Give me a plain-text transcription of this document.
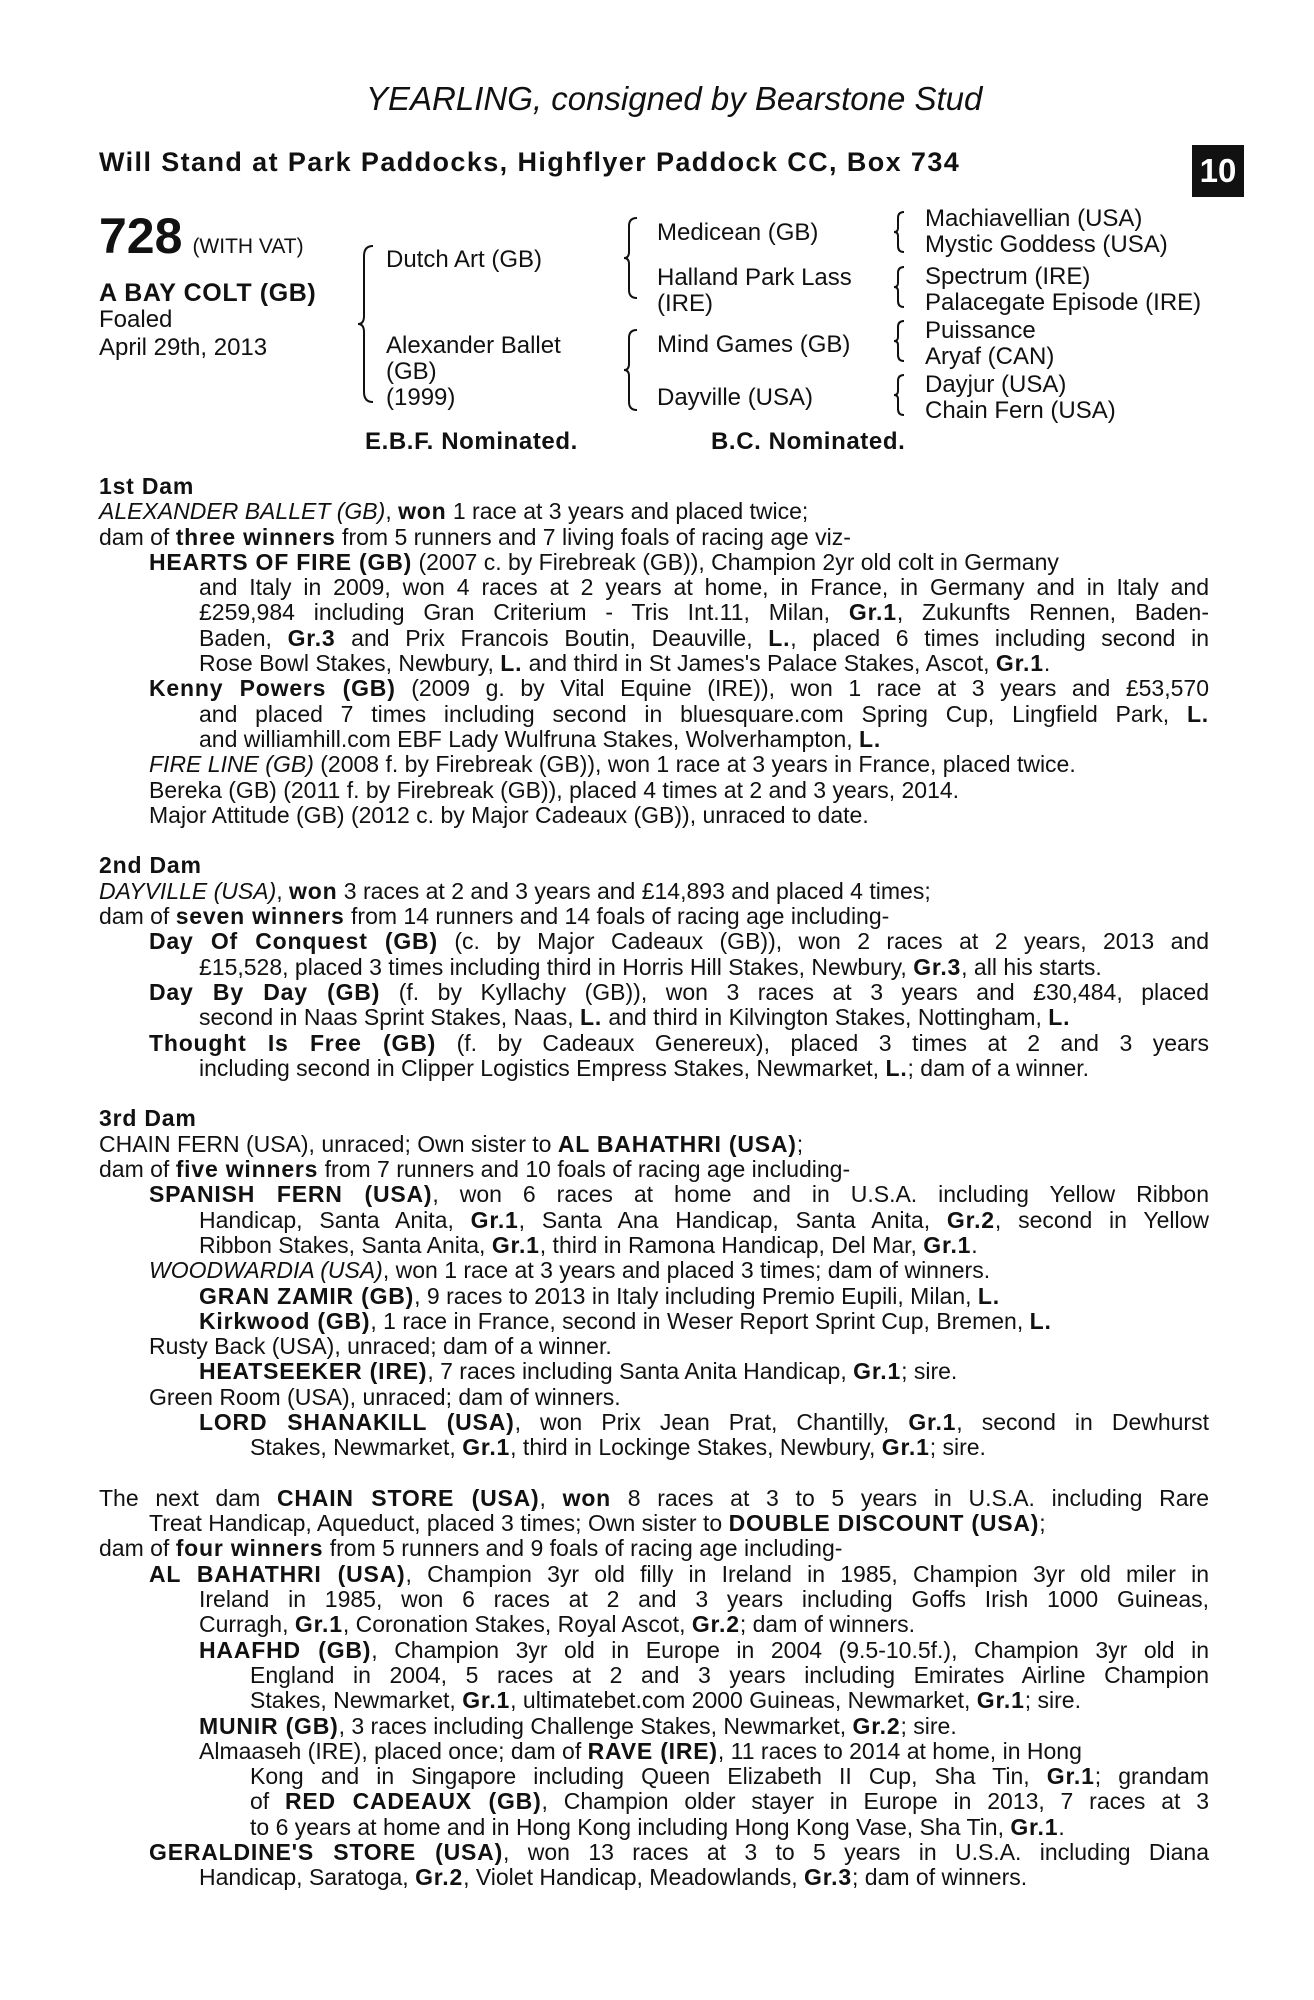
YEARLING, consigned by Bearstone Stud
Will Stand at Park Paddocks, Highflyer Paddock CC, Box 734	10
728 (WITH VAT)
A BAY COLT (GB)
Foaled
April 29th, 2013
Dutch Art (GB)
Alexander Ballet
(GB)
(1999)
Medicean (GB)
Halland Park Lass
(IRE)
Mind Games (GB)
Dayville (USA)
Machiavellian (USA)
Mystic Goddess (USA)
Spectrum (IRE)
Palacegate Episode (IRE)
Puissance
Aryaf (CAN)
Dayjur (USA)
Chain Fern (USA)
E.B.F. Nominated.	B.C. Nominated.
1st Dam
ALEXANDER BALLET (GB), won 1 race at 3 years and placed twice;
dam of three winners from 5 runners and 7 living foals of racing age viz-
HEARTS OF FIRE (GB) (2007 c. by Firebreak (GB)), Champion 2yr old colt in Germany
and Italy in 2009, won 4 races at 2 years at home, in France, in Germany and in Italy and
£259,984 including Gran Criterium - Tris Int.11, Milan, Gr.1, Zukunfts Rennen, Baden-
Baden, Gr.3 and Prix Francois Boutin, Deauville, L., placed 6 times including second in
Rose Bowl Stakes, Newbury, L. and third in St James's Palace Stakes, Ascot, Gr.1.
Kenny Powers (GB) (2009 g. by Vital Equine (IRE)), won 1 race at 3 years and £53,570
and placed 7 times including second in bluesquare.com Spring Cup, Lingfield Park, L.
and williamhill.com EBF Lady Wulfruna Stakes, Wolverhampton, L.
FIRE LINE (GB) (2008 f. by Firebreak (GB)), won 1 race at 3 years in France, placed twice.
Bereka (GB) (2011 f. by Firebreak (GB)), placed 4 times at 2 and 3 years, 2014.
Major Attitude (GB) (2012 c. by Major Cadeaux (GB)), unraced to date.
2nd Dam
DAYVILLE (USA), won 3 races at 2 and 3 years and £14,893 and placed 4 times;
dam of seven winners from 14 runners and 14 foals of racing age including-
Day Of Conquest (GB) (c. by Major Cadeaux (GB)), won 2 races at 2 years, 2013 and
£15,528, placed 3 times including third in Horris Hill Stakes, Newbury, Gr.3, all his starts.
Day By Day (GB) (f. by Kyllachy (GB)), won 3 races at 3 years and £30,484, placed
second in Naas Sprint Stakes, Naas, L. and third in Kilvington Stakes, Nottingham, L.
Thought Is Free (GB) (f. by Cadeaux Genereux), placed 3 times at 2 and 3 years
including second in Clipper Logistics Empress Stakes, Newmarket, L.; dam of a winner.
3rd Dam
CHAIN FERN (USA), unraced; Own sister to AL BAHATHRI (USA);
dam of five winners from 7 runners and 10 foals of racing age including-
SPANISH FERN (USA), won 6 races at home and in U.S.A. including Yellow Ribbon
Handicap, Santa Anita, Gr.1, Santa Ana Handicap, Santa Anita, Gr.2, second in Yellow
Ribbon Stakes, Santa Anita, Gr.1, third in Ramona Handicap, Del Mar, Gr.1.
WOODWARDIA (USA), won 1 race at 3 years and placed 3 times; dam of winners.
GRAN ZAMIR (GB), 9 races to 2013 in Italy including Premio Eupili, Milan, L.
Kirkwood (GB), 1 race in France, second in Weser Report Sprint Cup, Bremen, L.
Rusty Back (USA), unraced; dam of a winner.
HEATSEEKER (IRE), 7 races including Santa Anita Handicap, Gr.1; sire.
Green Room (USA), unraced; dam of winners.
LORD SHANAKILL (USA), won Prix Jean Prat, Chantilly, Gr.1, second in Dewhurst
Stakes, Newmarket, Gr.1, third in Lockinge Stakes, Newbury, Gr.1; sire.
The next dam CHAIN STORE (USA), won 8 races at 3 to 5 years in U.S.A. including Rare
Treat Handicap, Aqueduct, placed 3 times; Own sister to DOUBLE DISCOUNT (USA);
dam of four winners from 5 runners and 9 foals of racing age including-
AL BAHATHRI (USA), Champion 3yr old filly in Ireland in 1985, Champion 3yr old miler in
Ireland in 1985, won 6 races at 2 and 3 years including Goffs Irish 1000 Guineas,
Curragh, Gr.1, Coronation Stakes, Royal Ascot, Gr.2; dam of winners.
HAAFHD (GB), Champion 3yr old in Europe in 2004 (9.5-10.5f.), Champion 3yr old in
England in 2004, 5 races at 2 and 3 years including Emirates Airline Champion
Stakes, Newmarket, Gr.1, ultimatebet.com 2000 Guineas, Newmarket, Gr.1; sire.
MUNIR (GB), 3 races including Challenge Stakes, Newmarket, Gr.2; sire.
Almaaseh (IRE), placed once; dam of RAVE (IRE), 11 races to 2014 at home, in Hong
Kong and in Singapore including Queen Elizabeth II Cup, Sha Tin, Gr.1; grandam
of RED CADEAUX (GB), Champion older stayer in Europe in 2013, 7 races at 3
to 6 years at home and in Hong Kong including Hong Kong Vase, Sha Tin, Gr.1.
GERALDINE'S STORE (USA), won 13 races at 3 to 5 years in U.S.A. including Diana
Handicap, Saratoga, Gr.2, Violet Handicap, Meadowlands, Gr.3; dam of winners.
